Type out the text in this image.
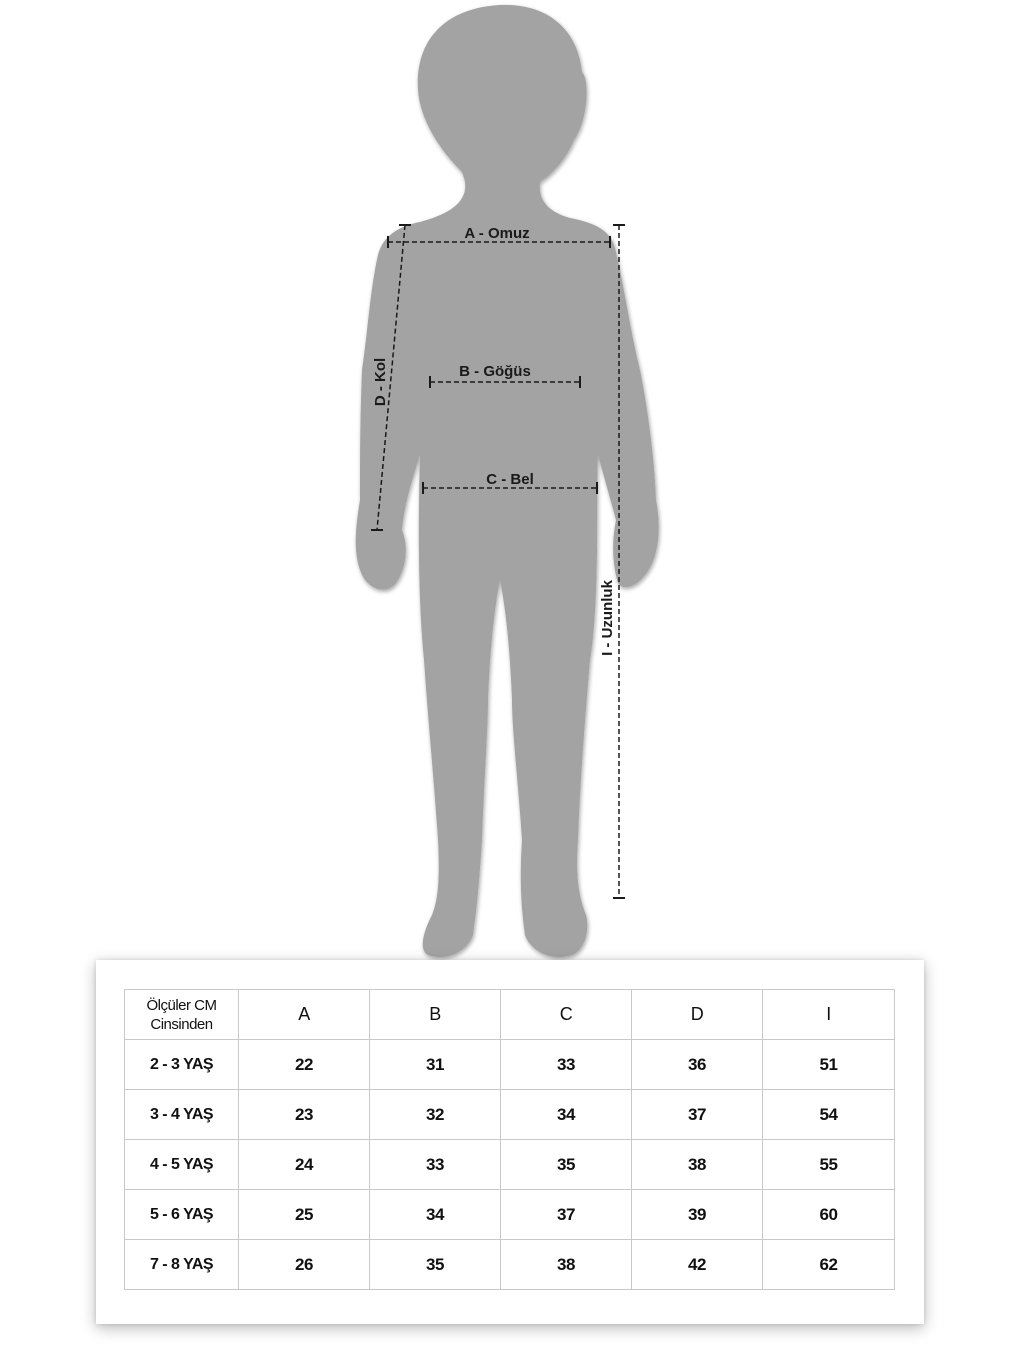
A - Omuz
B - Göğüs
C - Bel
D - Kol
I - Uzunluk
Ölçüler CM
Cinsinden	A	B	C	D	I
2 - 3 YAŞ	22	31	33	36	51
3 - 4 YAŞ	23	32	34	37	54
4 - 5 YAŞ	24	33	35	38	55
5 - 6 YAŞ	25	34	37	39	60
7 - 8 YAŞ	26	35	38	42	62
